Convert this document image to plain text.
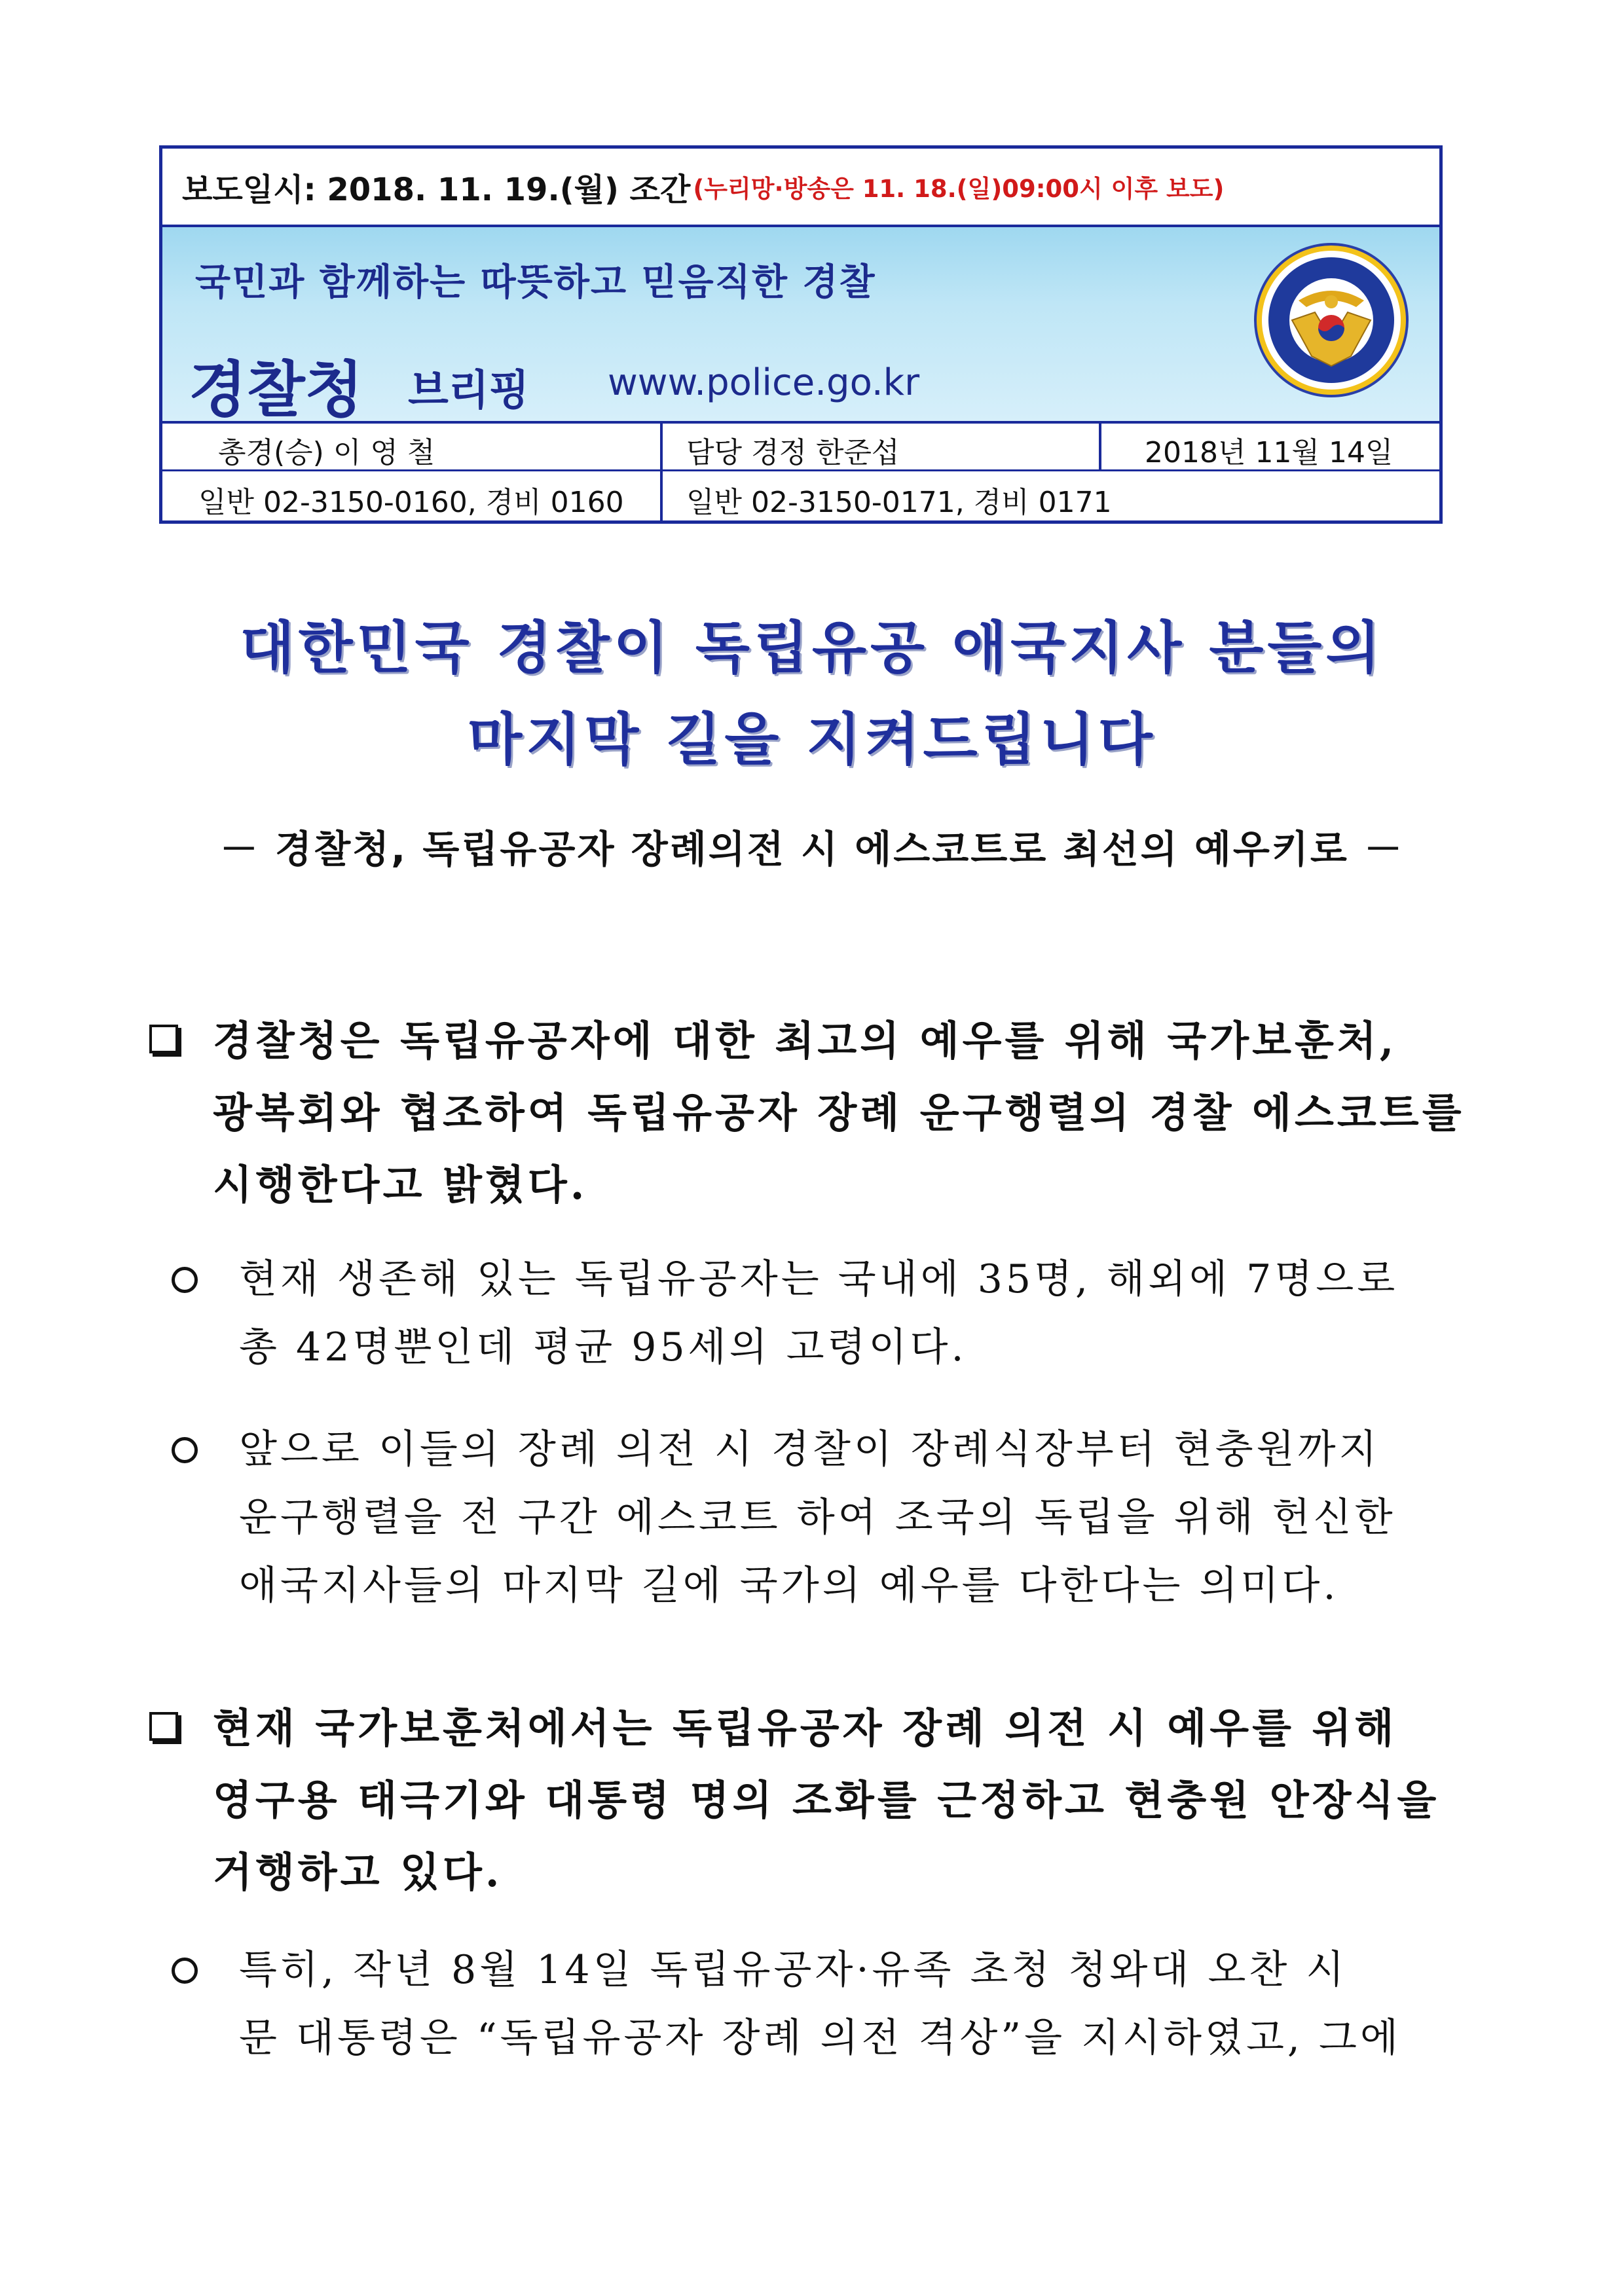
보도일시: 2018. 11. 19.(월) 조간 (누리망·방송은 11. 18.(일)09:00시 이후 보도)
국민과 함께하는 따뜻하고 믿음직한 경찰
경찰청 브리핑 www.police.go.kr
총경(승) 이 영 철
일반 02-3150-0160, 경비 0160
담당 경정 한준섭
일반 02-3150-0171, 경비 0171
2018년 11월 14일
대한민국 경찰이 독립유공 애국지사 분들의
마지막 길을 지켜드립니다
－ 경찰청, 독립유공자 장례의전 시 에스코트로 최선의 예우키로 －
경찰청은 독립유공자에 대한 최고의 예우를 위해 국가보훈처,
광복회와 협조하여 독립유공자 장례 운구행렬의 경찰 에스코트를
시행한다고 밝혔다.
현재 생존해 있는 독립유공자는 국내에 35명, 해외에 7명으로
총 42명뿐인데 평균 95세의 고령이다.
앞으로 이들의 장례 의전 시 경찰이 장례식장부터 현충원까지
운구행렬을 전 구간 에스코트 하여 조국의 독립을 위해 헌신한
애국지사들의 마지막 길에 국가의 예우를 다한다는 의미다.
현재 국가보훈처에서는 독립유공자 장례 의전 시 예우를 위해
영구용 태극기와 대통령 명의 조화를 근정하고 현충원 안장식을
거행하고 있다.
특히, 작년 8월 14일 독립유공자·유족 초청 청와대 오찬 시
문 대통령은 “독립유공자 장례 의전 격상”을 지시하였고, 그에
